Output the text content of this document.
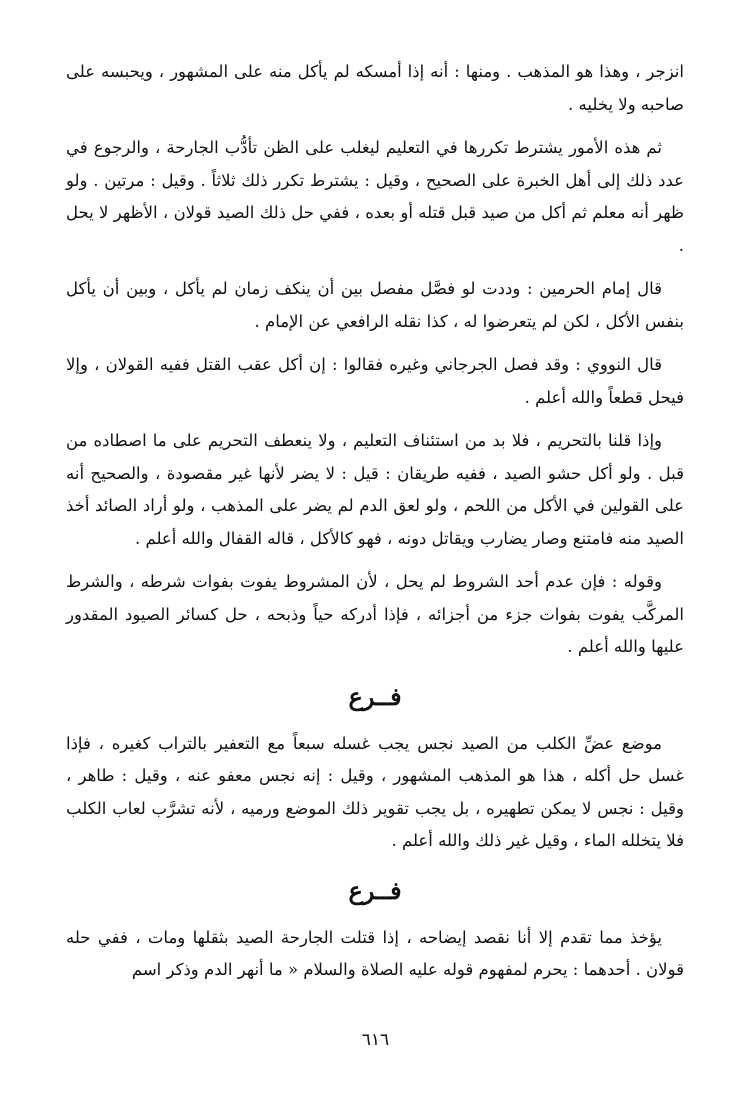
انزجر ، وهذا هو المذهب . ومنها : أنه إذا أمسكه لم يأكل منه على المشهور ، ويحبسه على صاحبه ولا يخليه .

ثم هذه الأمور يشترط تكررها في التعليم ليغلب على الظن تأدُّب الجارحة ، والرجوع في عدد ذلك إلى أهل الخبرة على الصحيح ، وقيل : يشترط تكرر ذلك ثلاثاً . وقيل : مرتين . ولو ظهر أنه معلم ثم أكل من صيد قبل قتله أو بعده ، ففي حل ذلك الصيد قولان ، الأظهر لا يحل .

قال إمام الحرمين : وددت لو فصَّل مفصل بين أن ينكف زمان لم يأكل ، وبين أن يأكل بنفس الأكل ، لكن لم يتعرضوا له ، كذا نقله الرافعي عن الإمام .

قال النووي : وقد فصل الجرجاني وغيره فقالوا : إن أكل عقب القتل ففيه القولان ، وإلا فيحل قطعاً والله أعلم .

وإذا قلنا بالتحريم ، فلا بد من استئناف التعليم ، ولا ينعطف التحريم على ما اصطاده من قبل . ولو أكل حشو الصيد ، ففيه طريقان : قيل : لا يضر لأنها غير مقصودة ، والصحيح أنه على القولين في الأكل من اللحم ، ولو لعق الدم لم يضر على المذهب ، ولو أراد الصائد أخذ الصيد منه فامتنع وصار يضارب ويقاتل دونه ، فهو كالأكل ، قاله القفال والله أعلم .

وقوله : فإن عدم أحد الشروط لم يحل ، لأن المشروط يفوت بفوات شرطه ، والشرط المركَّب يفوت بفوات جزء من أجزائه ، فإذا أدركه حياً وذبحه ، حل كسائر الصيود المقدور عليها والله أعلم .

فــرع

موضع عضِّ الكلب من الصيد نجس يجب غسله سبعاً مع التعفير بالتراب كغيره ، فإذا غسل حل أكله ، هذا هو المذهب المشهور ، وقيل : إنه نجس معفو عنه ، وقيل : طاهر ، وقيل : نجس لا يمكن تطهيره ، بل يجب تقوير ذلك الموضع ورميه ، لأنه تشرَّب لعاب الكلب فلا يتخلله الماء ، وقيل غير ذلك والله أعلم .

فــرع

يؤخذ مما تقدم إلا أنا نقصد إيضاحه ، إذا قتلت الجارحة الصيد بثقلها ومات ، ففي حله قولان . أحدهما : يحرم لمفهوم قوله عليه الصلاة والسلام « ما أنهر الدم وذكر اسم

٦١٦
